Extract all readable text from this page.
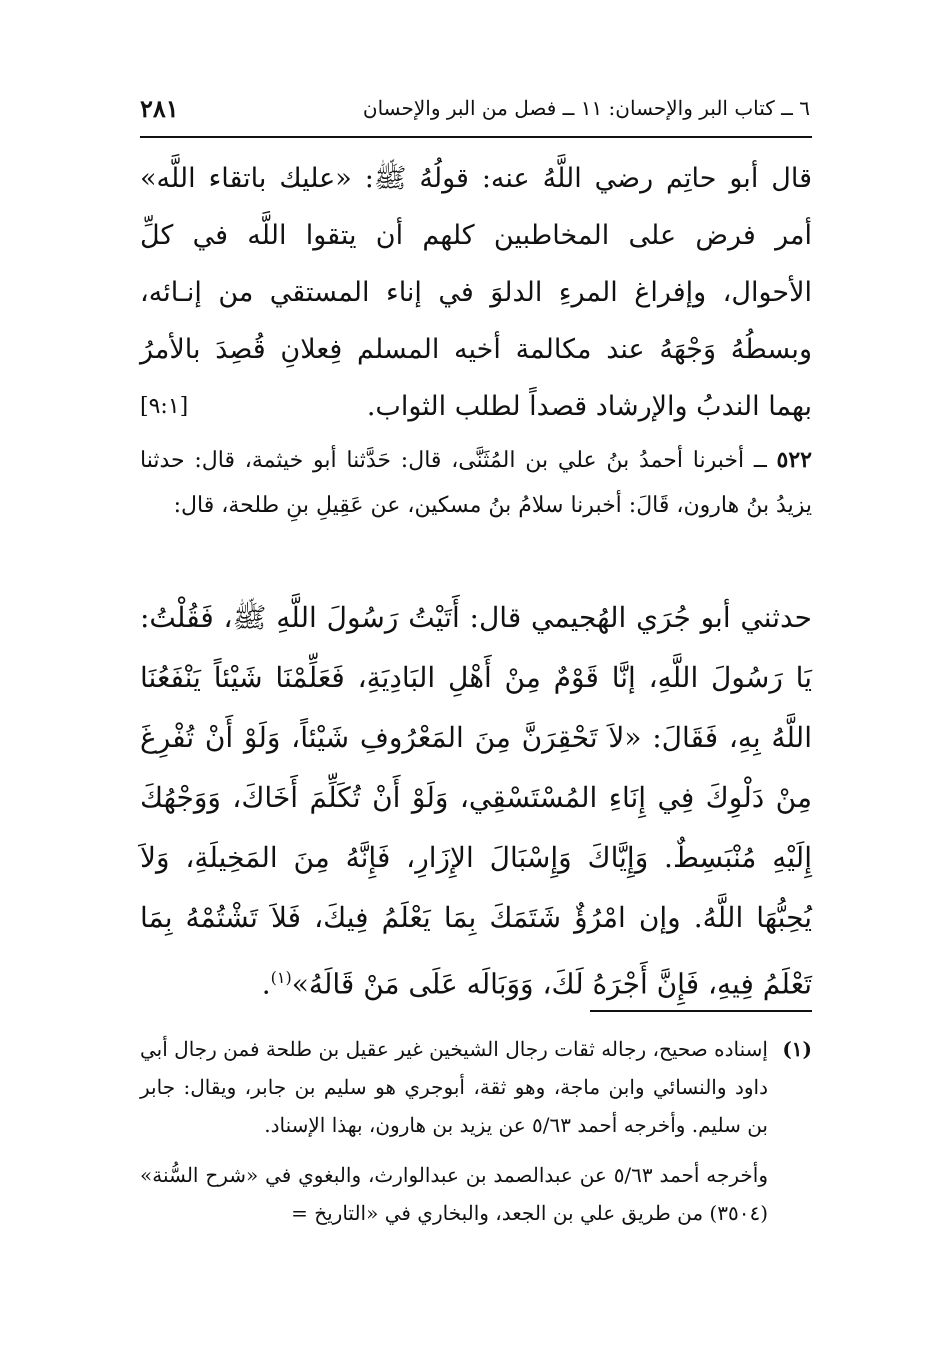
٦ ــ كتاب البر والإحسان: ١١ ــ فصل من البر والإحسان
٢٨١
قال أبو حاتِم رضي اللَّهُ عنه: قولُهُ ﷺ: «عليك باتقاء اللَّه» أمر فرض على المخاطبين كلهم أن يتقوا اللَّه في كلِّ الأحوال، وإفراغ المرءِ الدلوَ في إناء المستقي من إنـائه، وبسطُهُ وَجْهَهُ عند مكالمة أخيه المسلم فِعلانِ قُصِدَ بالأمرُ بهما الندبُ والإرشاد قصداً لطلب الثواب.
[٩:١]
٥٢٢ ــ أخبرنا أحمدُ بنُ علي بن المُثَنَّى، قال: حَدَّثنا أبو خيثمة، قال: حدثنا يزيدُ بنُ هارون، قَالَ: أخبرنا سلامُ بنُ مسكين، عن عَقِيلِ بنِ طلحة، قال:
حدثني أبو جُرَي الهُجيمي قال: أَتَيْتُ رَسُولَ اللَّهِ ﷺ، فَقُلْتُ: يَا رَسُولَ اللَّهِ، إنَّا قَوْمٌ مِنْ أَهْلِ البَادِيَةِ، فَعَلِّمْنَا شَيْئاً يَنْفَعُنَا اللَّهُ بِهِ، فَقَالَ: «لاَ تَحْقِرَنَّ مِنَ المَعْرُوفِ شَيْئاً، وَلَوْ أَنْ تُفْرِغَ مِنْ دَلْوِكَ فِي إِنَاءِ المُسْتَسْقِي، وَلَوْ أَنْ تُكَلِّمَ أَخَاكَ، وَوَجْهُكَ إِلَيْهِ مُنْبَسِطٌ. وَإِيَّاكَ وَإِسْبَالَ الإِزَارِ، فَإِنَّهُ مِنَ المَخِيلَةِ، وَلاَ يُحِبُّهَا اللَّهُ. وإن امْرُؤٌ شَتَمَكَ بِمَا يَعْلَمُ فِيكَ، فَلاَ تَشْتُمْهُ بِمَا تَعْلَمُ فِيهِ، فَإِنَّ أَجْرَهُ لَكَ، وَوَبَالَه عَلَى مَنْ قَالَهُ»$^{(١)}$.
(١)
إسناده صحيح، رجاله ثقات رجال الشيخين غير عقيل بن طلحة فمن رجال أبي داود والنسائي وابن ماجة، وهو ثقة، أبوجري هو سليم بن جابر، ويقال: جابر بن سليم. وأخرجه أحمد ٥/٦٣ عن يزيد بن هارون، بهذا الإسناد.
وأخرجه أحمد ٥/٦٣ عن عبدالصمد بن عبدالوارث، والبغوي في «شرح السُّنة» (٣٥٠٤) من طريق علي بن الجعد، والبخاري في «التاريخ =
